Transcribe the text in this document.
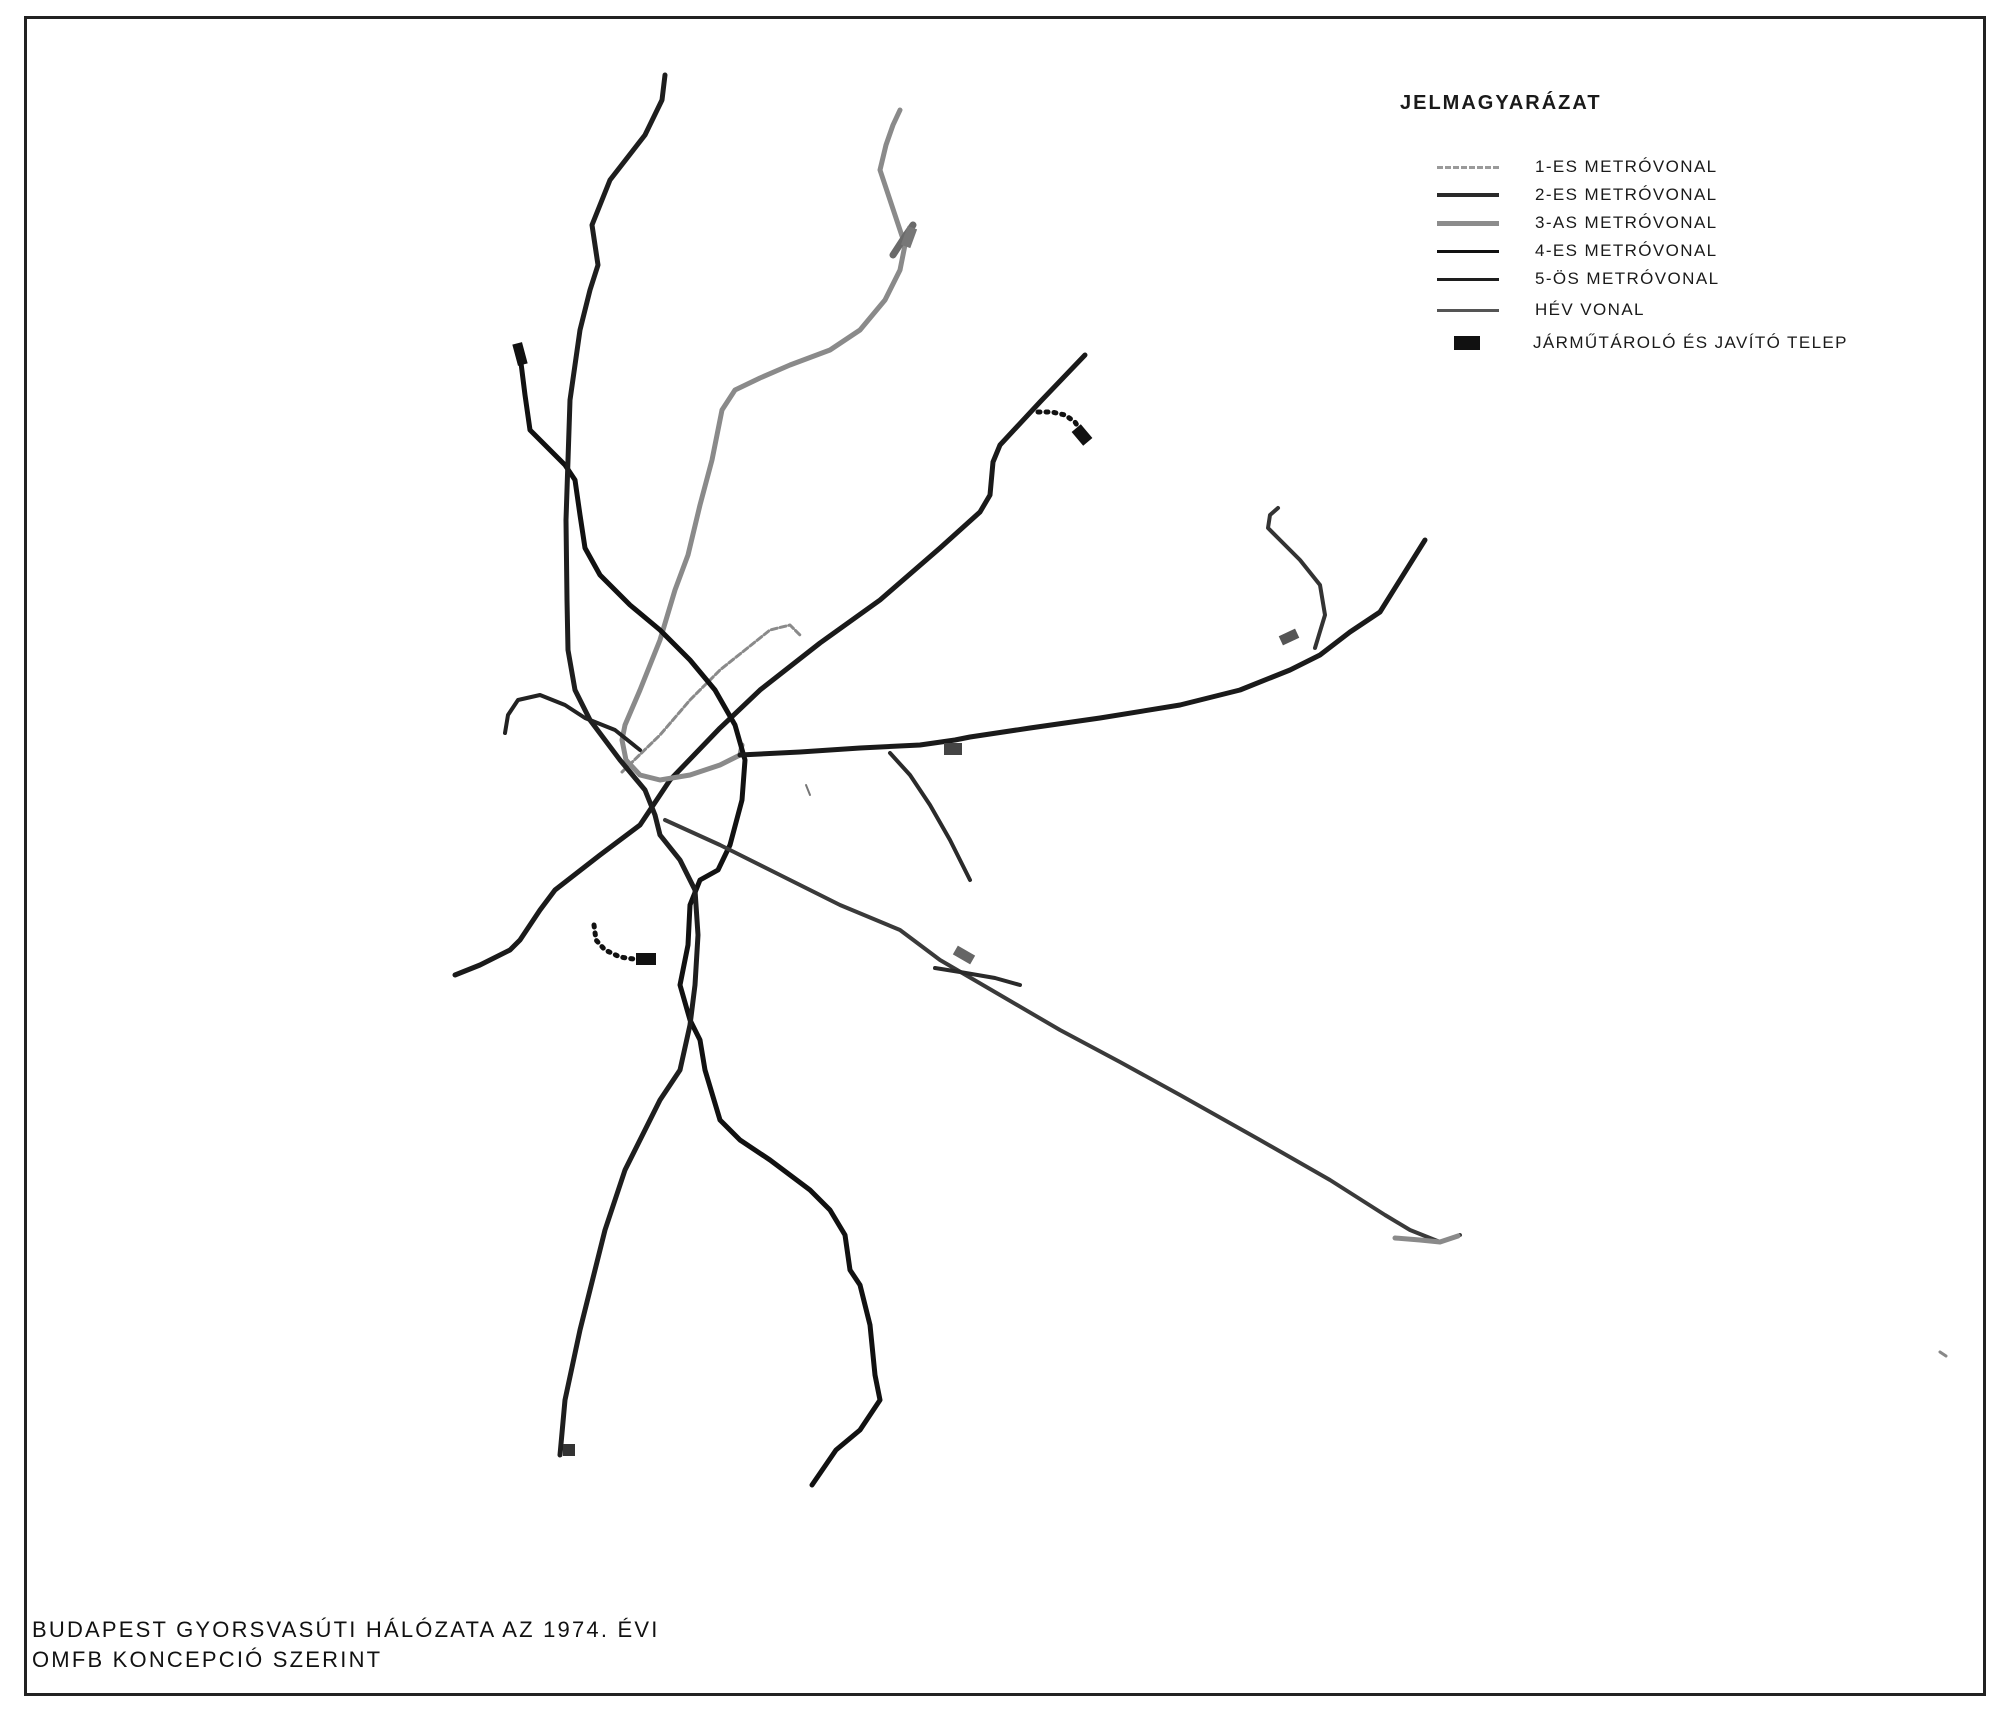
JELMAGYARÁZAT
1-ES METRÓVONAL
2-ES METRÓVONAL
3-AS METRÓVONAL
4-ES METRÓVONAL
5-ÖS METRÓVONAL
HÉV VONAL
JÁRMŰTÁROLÓ ÉS JAVÍTÓ TELEP
BUDAPEST GYORSVASÚTI HÁLÓZATA AZ 1974. ÉVI
OMFB KONCEPCIÓ SZERINT
